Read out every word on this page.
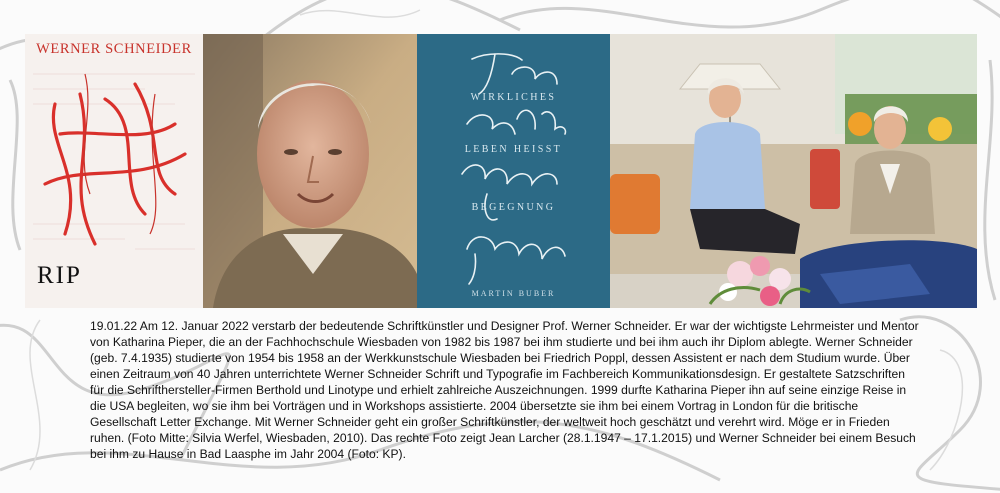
WERNER SCHNEIDER
RIP
WIRKLICHES
LEBEN HEISST
BEGEGNUNG
MARTIN BUBER
19.01.22 Am 12. Januar 2022 verstarb der bedeutende Schriftkünstler und Designer Prof. Werner Schneider. Er war der wichtigste Lehrmeister und Mentor von Katharina Pieper, die an der Fachhochschule Wiesbaden von 1982 bis 1987 bei ihm studierte und bei ihm auch ihr Diplom ablegte. Werner Schneider (geb. 7.4.1935) studierte von 1954 bis 1958 an der Werkkunstschule Wiesbaden bei Friedrich Poppl, dessen Assistent er nach dem Studium wurde. Über einen Zeitraum von 40 Jahren unterrichtete Werner Schneider Schrift und Typografie im Fachbereich Kommunikationsdesign. Er gestaltete Satzschriften für die Schrifthersteller-Firmen Berthold und Linotype und erhielt zahlreiche Auszeichnungen. 1999 durfte Katharina Pieper ihn auf seine einzige Reise in die USA begleiten, wo sie ihm bei Vorträgen und in Workshops assistierte. 2004 übersetzte sie ihm bei einem Vortrag in London für die britische Gesellschaft Letter Exchange. Mit Werner Schneider geht ein großer Schriftkünstler, der weltweit hoch geschätzt und verehrt wird. Möge er in Frieden ruhen. (Foto Mitte: Silvia Werfel, Wiesbaden, 2010). Das rechte Foto zeigt Jean Larcher (28.1.1947 – 17.1.2015) und Werner Schneider bei einem Besuch bei ihm zu Hause in Bad Laasphe im Jahr 2004 (Foto: KP).
